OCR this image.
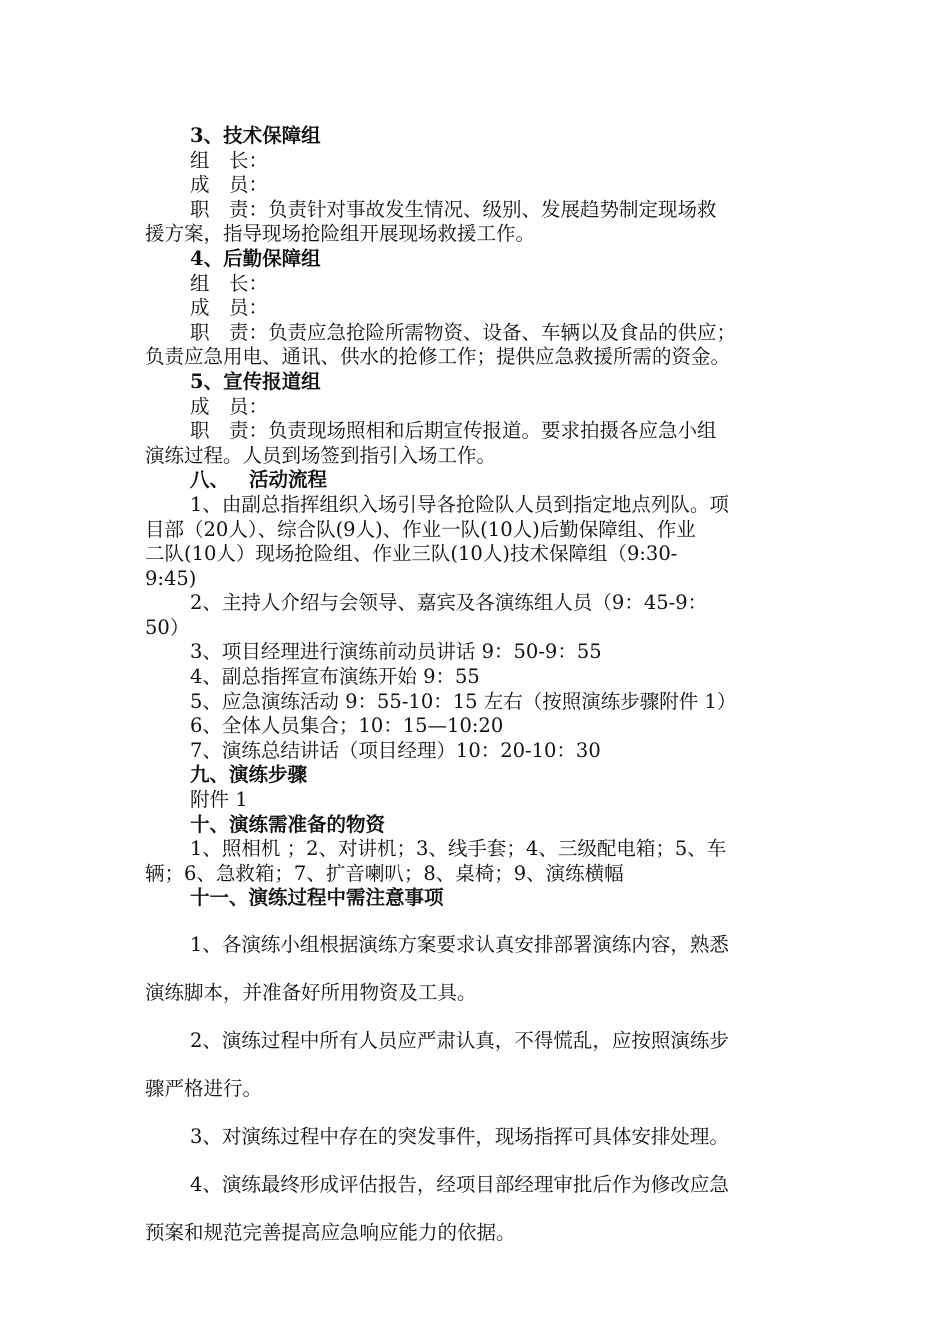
3、技术保障组

组　长：

成　员：

职　责：负责针对事故发生情况、级别、发展趋势制定现场救

援方案，指导现场抢险组开展现场救援工作。

4、后勤保障组

组　长：

成　员：

职　责：负责应急抢险所需物资、设备、车辆以及食品的供应；

负责应急用电、通讯、供水的抢修工作；提供应急救援所需的资金。

5、宣传报道组

成　员：

职　责：负责现场照相和后期宣传报道。要求拍摄各应急小组

演练过程。人员到场签到指引入场工作。

八、 活动流程

1、由副总指挥组织入场引导各抢险队人员到指定地点列队。项

目部（20人）、综合队(9人)、作业一队(10人)后勤保障组、作业

二队(10人）现场抢险组、作业三队(10人)技术保障组（9:30-

9:45)

2、主持人介绍与会领导、嘉宾及各演练组人员（9：45-9：

50）

3、项目经理进行演练前动员讲话 9：50-9：55

4、副总指挥宣布演练开始 9：55

5、应急演练活动 9：55-10：15 左右（按照演练步骤附件 1）

6、全体人员集合；10：15—10:20

7、演练总结讲话（项目经理）10：20-10：30

九、演练步骤

附件 1

十、演练需准备的物资

1、照相机 ；2、对讲机；3、线手套；4、三级配电箱；5、车

辆；6、急救箱；7、扩音喇叭；8、桌椅；9、演练横幅

十一、演练过程中需注意事项

1、各演练小组根据演练方案要求认真安排部署演练内容，熟悉

演练脚本，并准备好所用物资及工具。

2、演练过程中所有人员应严肃认真，不得慌乱，应按照演练步

骤严格进行。

3、对演练过程中存在的突发事件，现场指挥可具体安排处理。

4、演练最终形成评估报告，经项目部经理审批后作为修改应急

预案和规范完善提高应急响应能力的依据。
